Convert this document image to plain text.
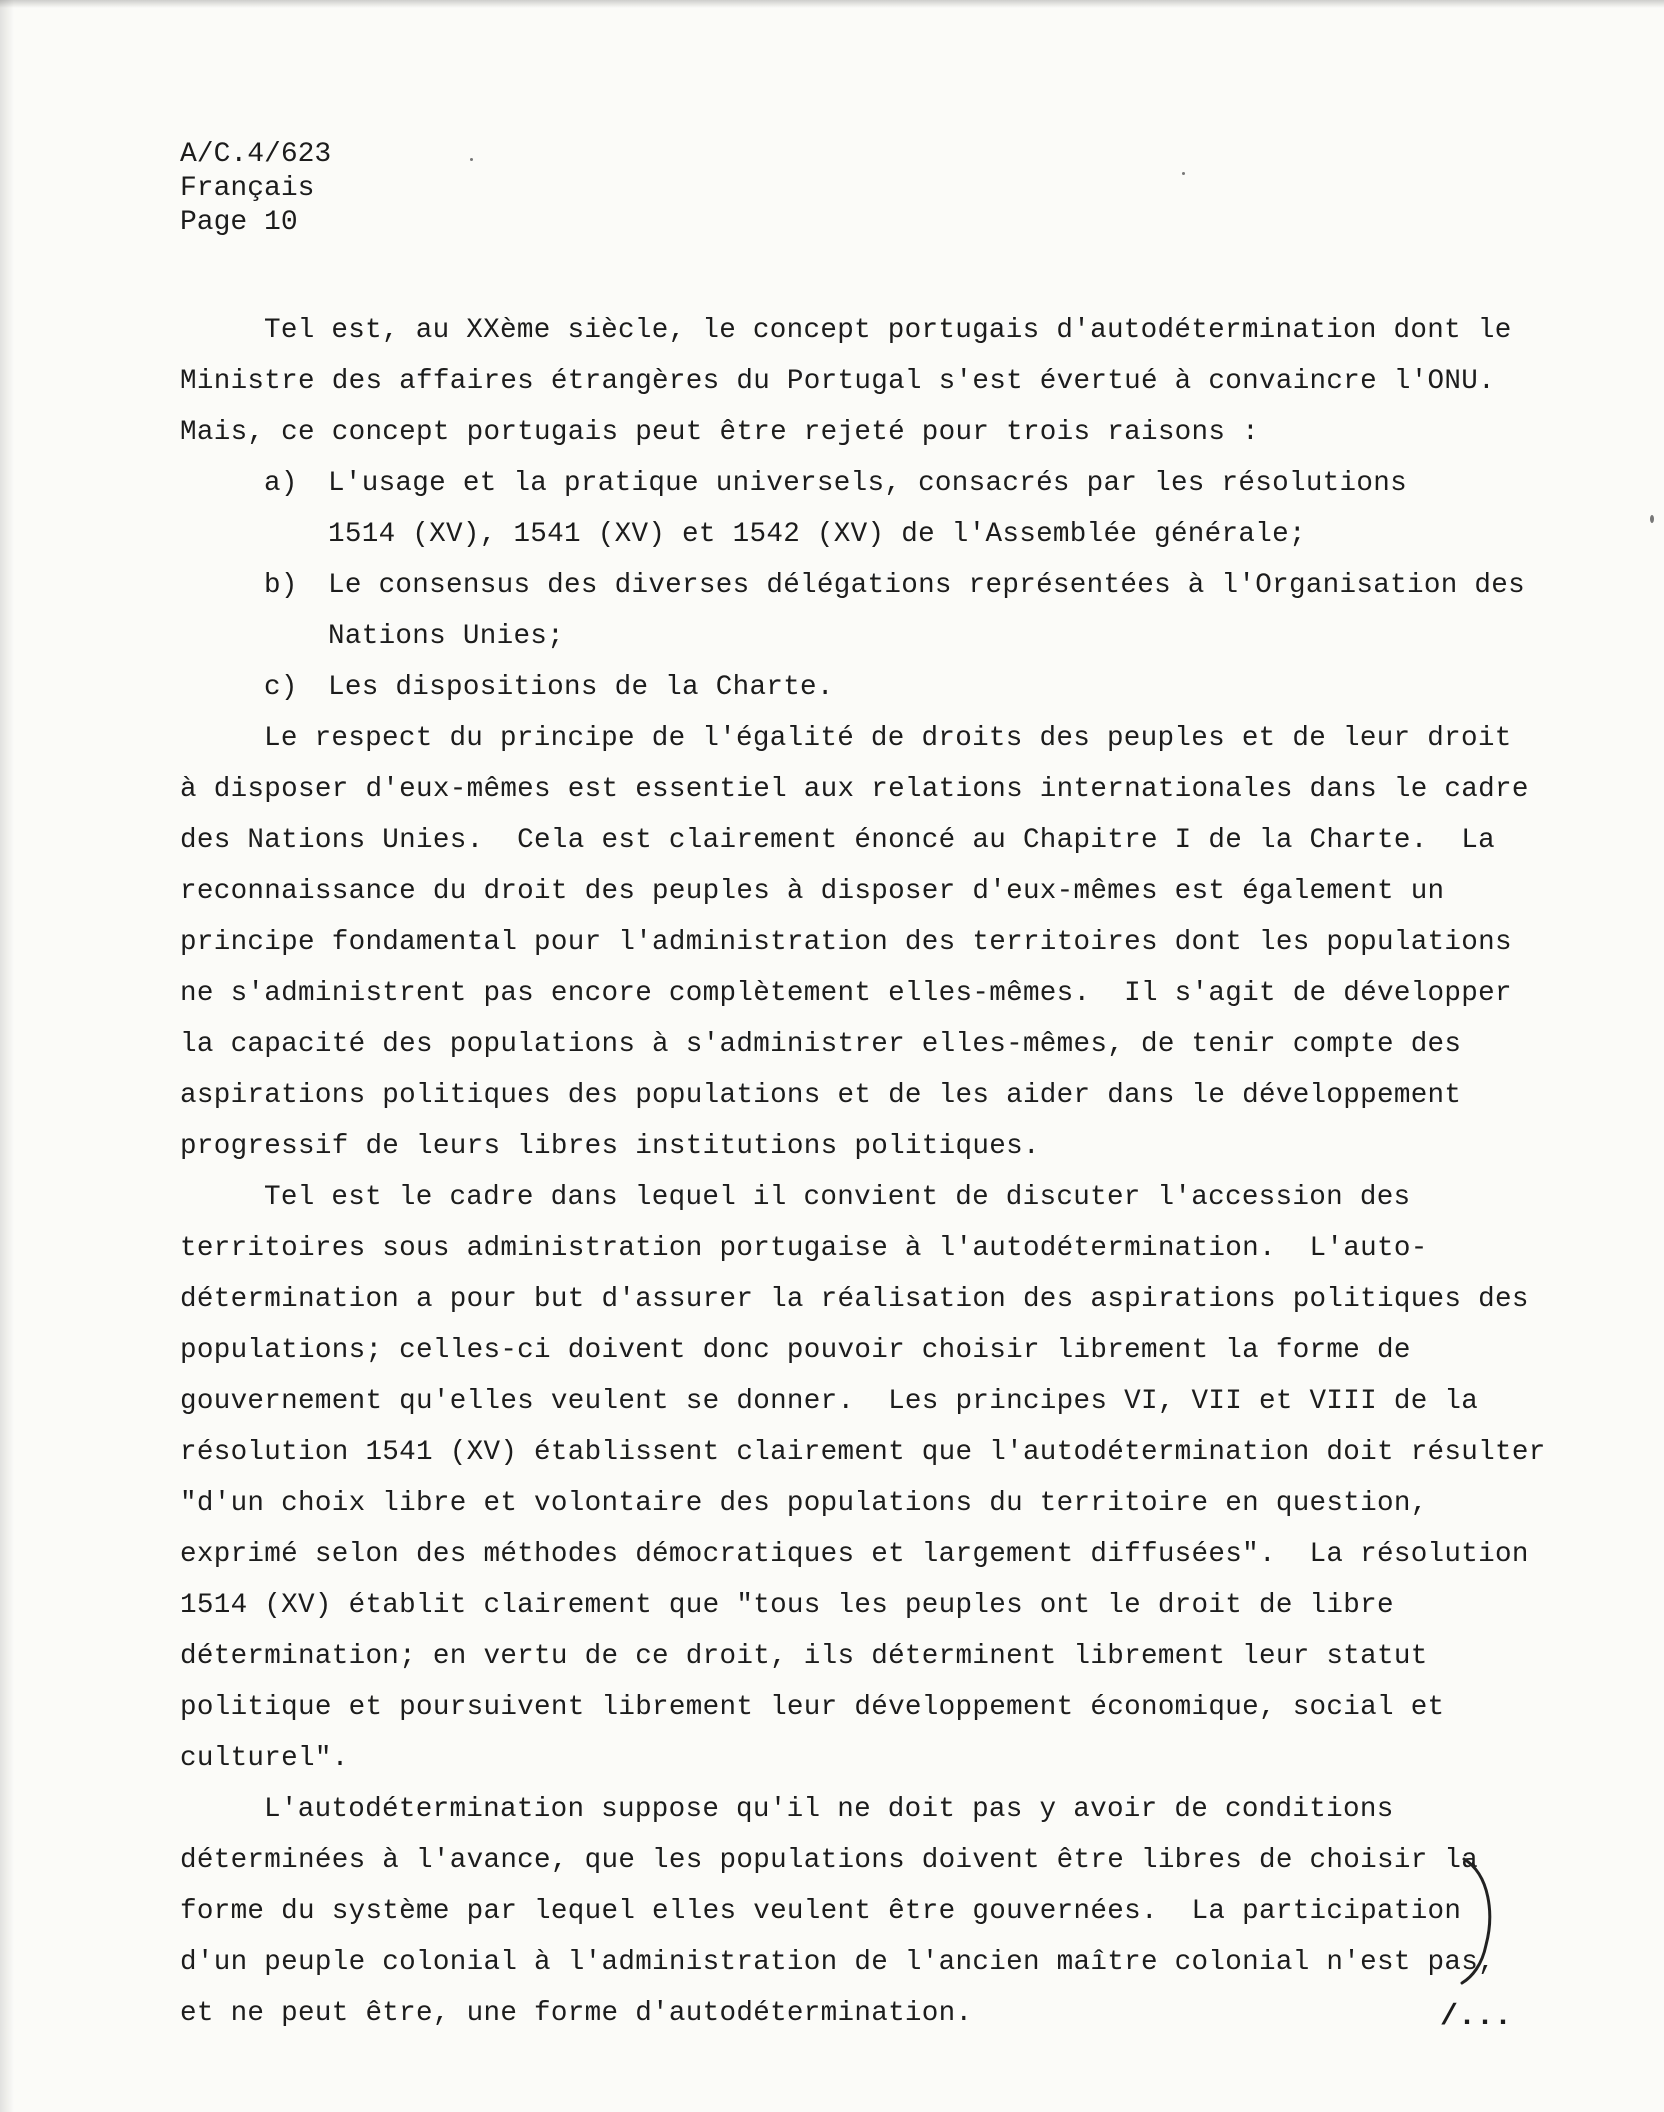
A/C.4/623
Français
Page 10
Tel est, au XXème siècle, le concept portugais d'autodétermination dont le
Ministre des affaires étrangères du Portugal s'est évertué à convaincre l'ONU.
Mais, ce concept portugais peut être rejeté pour trois raisons :
a) L'usage et la pratique universels, consacrés par les résolutions
1514 (XV), 1541 (XV) et 1542 (XV) de l'Assemblée générale;
b) Le consensus des diverses délégations représentées à l'Organisation des
Nations Unies;
c) Les dispositions de la Charte.
Le respect du principe de l'égalité de droits des peuples et de leur droit
à disposer d'eux-mêmes est essentiel aux relations internationales dans le cadre
des Nations Unies.  Cela est clairement énoncé au Chapitre I de la Charte.  La
reconnaissance du droit des peuples à disposer d'eux-mêmes est également un
principe fondamental pour l'administration des territoires dont les populations
ne s'administrent pas encore complètement elles-mêmes.  Il s'agit de développer
la capacité des populations à s'administrer elles-mêmes, de tenir compte des
aspirations politiques des populations et de les aider dans le développement
progressif de leurs libres institutions politiques.
Tel est le cadre dans lequel il convient de discuter l'accession des
territoires sous administration portugaise à l'autodétermination.  L'auto-
détermination a pour but d'assurer la réalisation des aspirations politiques des
populations; celles-ci doivent donc pouvoir choisir librement la forme de
gouvernement qu'elles veulent se donner.  Les principes VI, VII et VIII de la
résolution 1541 (XV) établissent clairement que l'autodétermination doit résulter
"d'un choix libre et volontaire des populations du territoire en question,
exprimé selon des méthodes démocratiques et largement diffusées".  La résolution
1514 (XV) établit clairement que "tous les peuples ont le droit de libre
détermination; en vertu de ce droit, ils déterminent librement leur statut
politique et poursuivent librement leur développement économique, social et
culturel".
L'autodétermination suppose qu'il ne doit pas y avoir de conditions
déterminées à l'avance, que les populations doivent être libres de choisir la
forme du système par lequel elles veulent être gouvernées.  La participation
d'un peuple colonial à l'administration de l'ancien maître colonial n'est pas,
et ne peut être, une forme d'autodétermination.	/...
